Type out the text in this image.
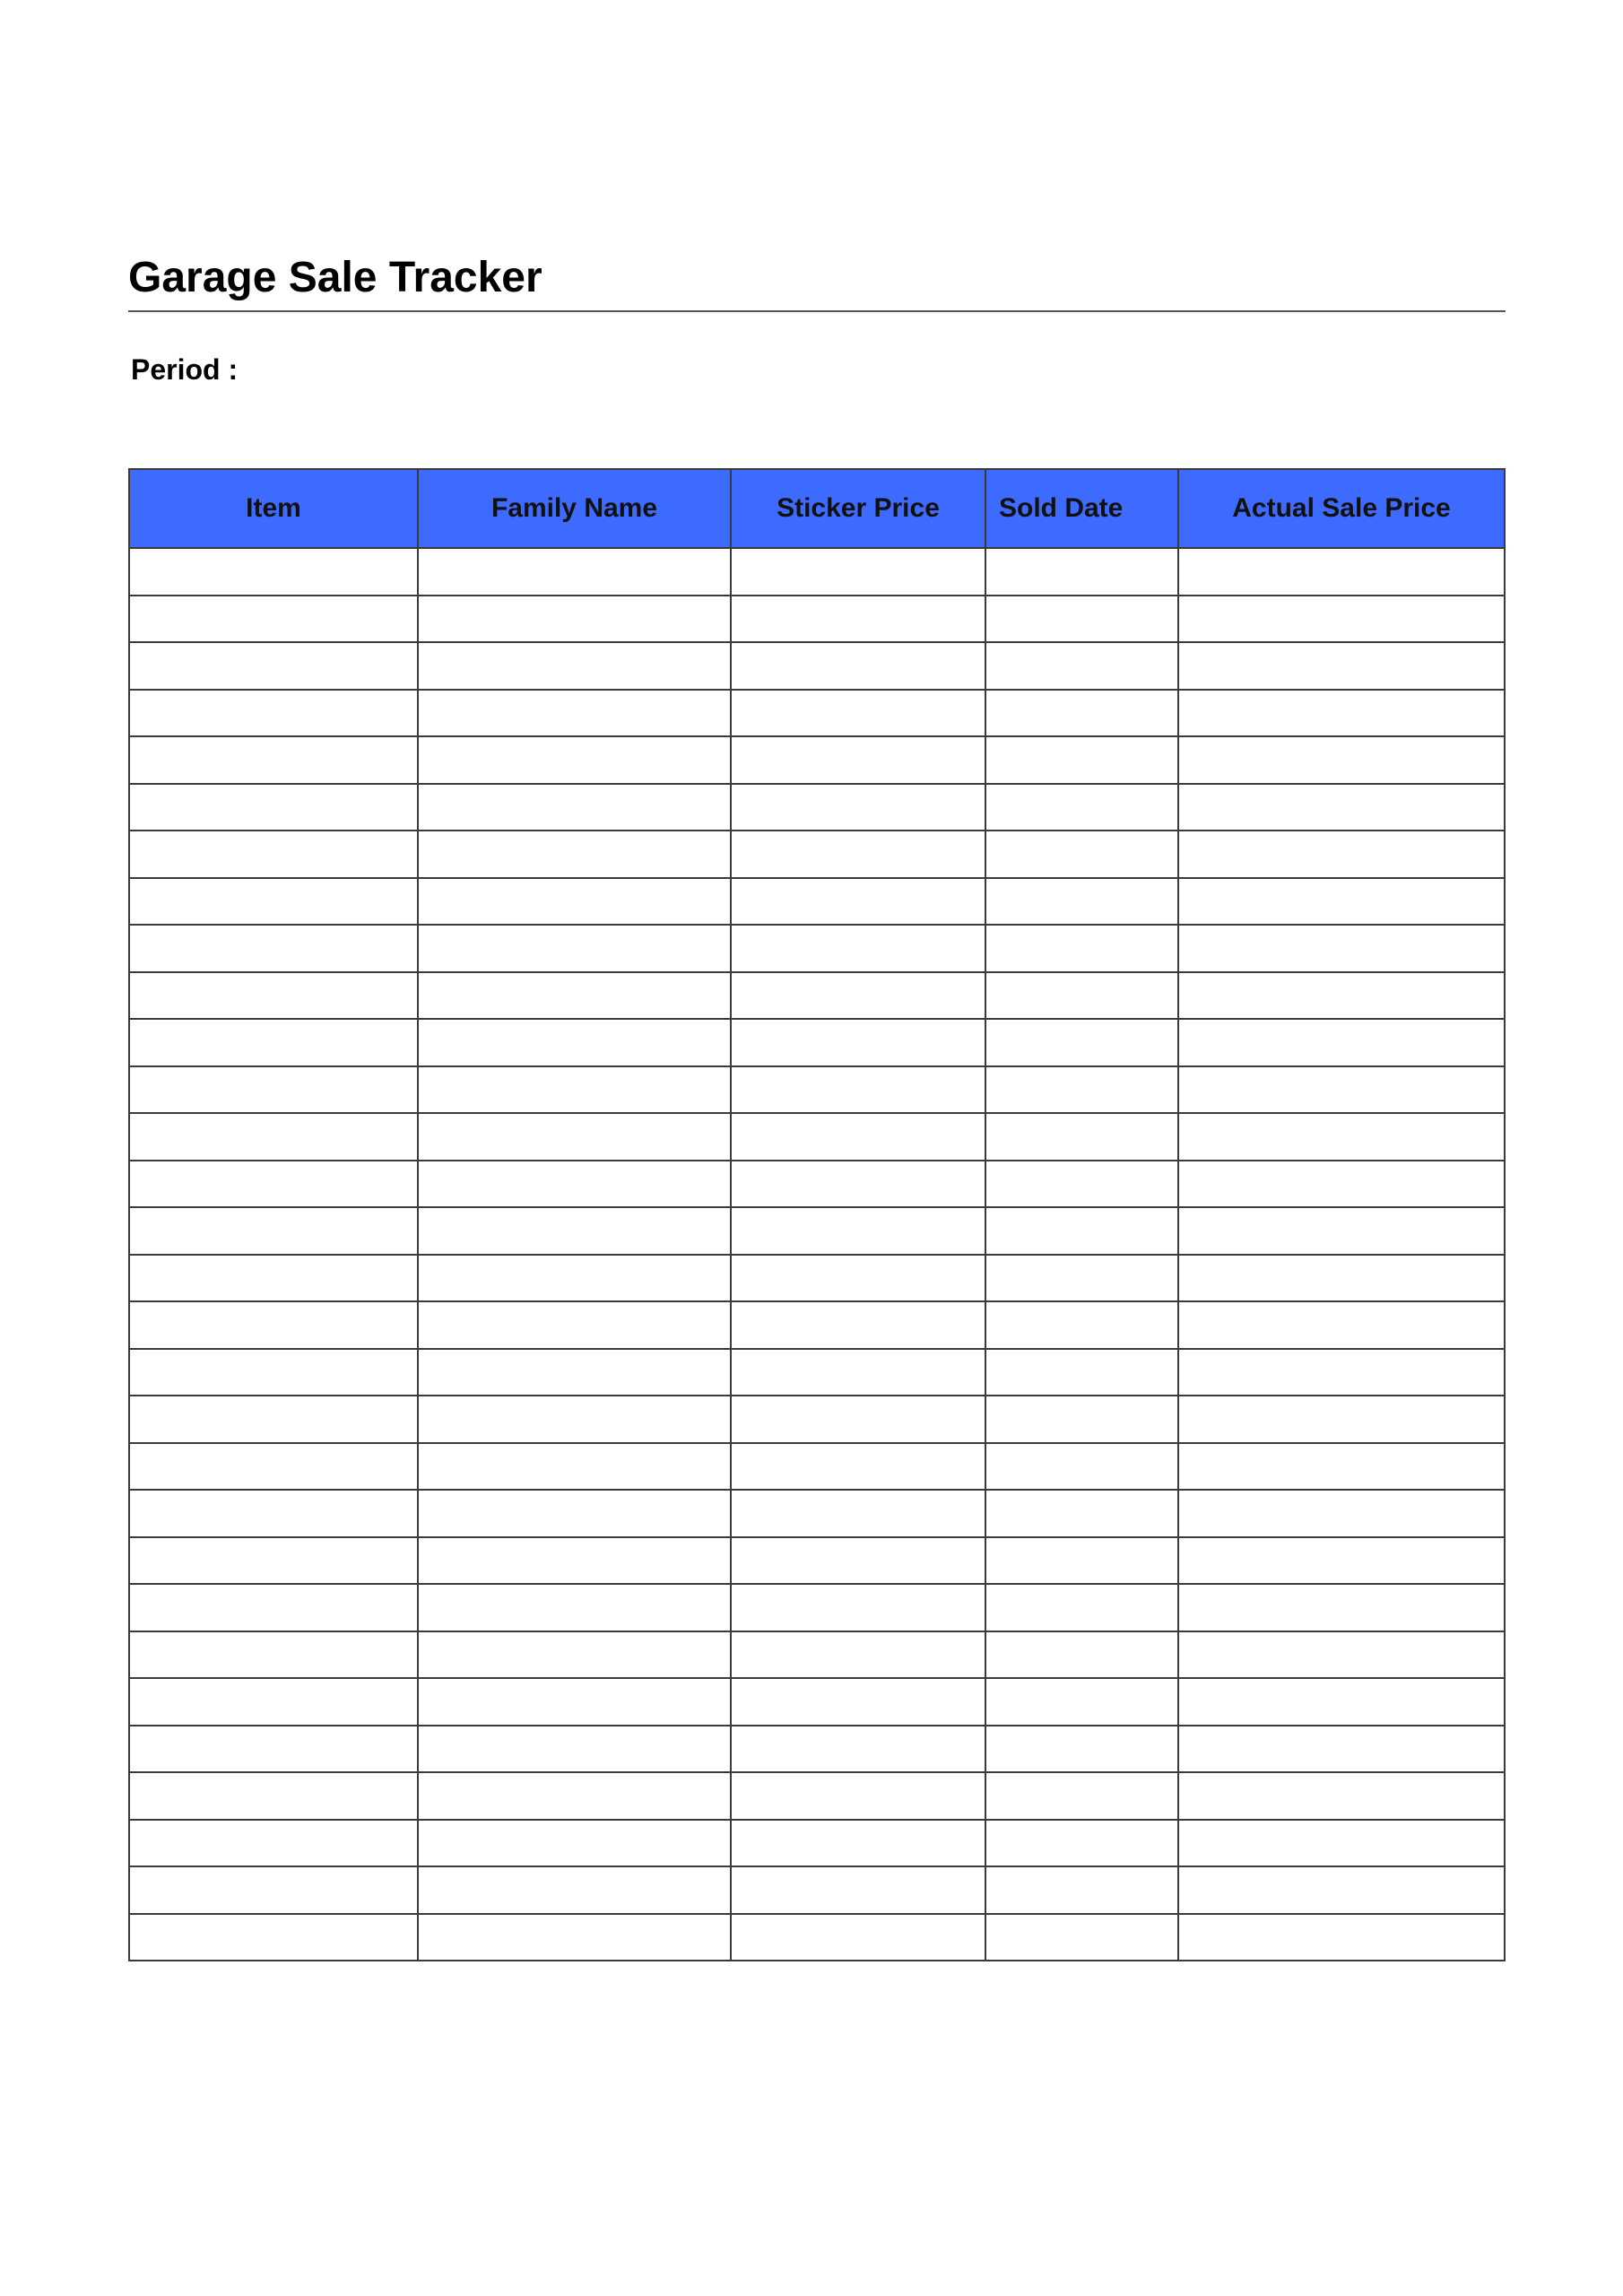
Garage Sale Tracker
Period :
Item	Family Name	Sticker Price	Sold Date	Actual Sale Price
